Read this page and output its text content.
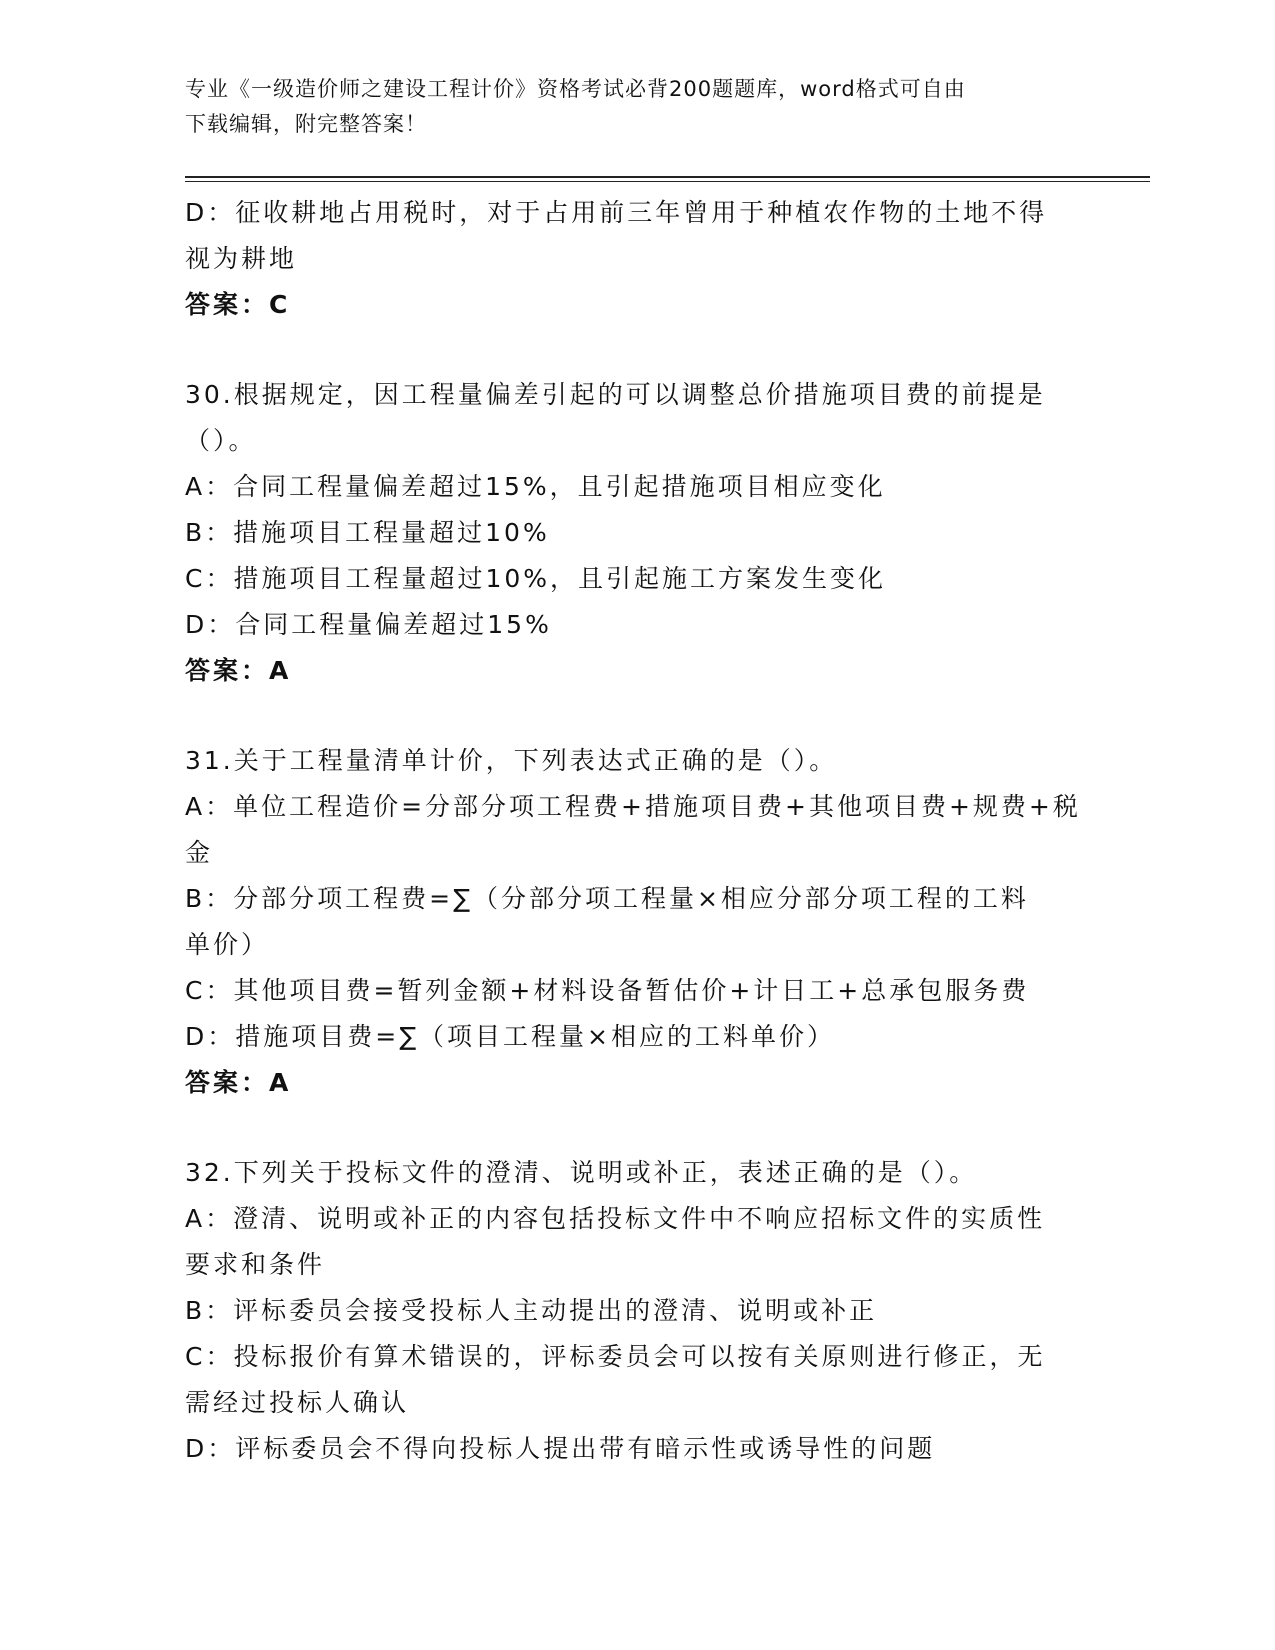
专业《一级造价师之建设工程计价》资格考试必背200题题库，word格式可自由
下载编辑，附完整答案！
D：征收耕地占用税时，对于占用前三年曾用于种植农作物的土地不得
视为耕地
答案：C
30.根据规定，因工程量偏差引起的可以调整总价措施项目费的前提是
（）。
A：合同工程量偏差超过15%，且引起措施项目相应变化
B：措施项目工程量超过10%
C：措施项目工程量超过10%，且引起施工方案发生变化
D：合同工程量偏差超过15%
答案：A
31.关于工程量清单计价，下列表达式正确的是（）。
A：单位工程造价=分部分项工程费+措施项目费+其他项目费+规费+税
金
B：分部分项工程费=∑（分部分项工程量×相应分部分项工程的工料
单价）
C：其他项目费=暂列金额+材料设备暂估价+计日工+总承包服务费
D：措施项目费=∑（项目工程量×相应的工料单价）
答案：A
32.下列关于投标文件的澄清、说明或补正，表述正确的是（）。
A：澄清、说明或补正的内容包括投标文件中不响应招标文件的实质性
要求和条件
B：评标委员会接受投标人主动提出的澄清、说明或补正
C：投标报价有算术错误的，评标委员会可以按有关原则进行修正，无
需经过投标人确认
D：评标委员会不得向投标人提出带有暗示性或诱导性的问题
